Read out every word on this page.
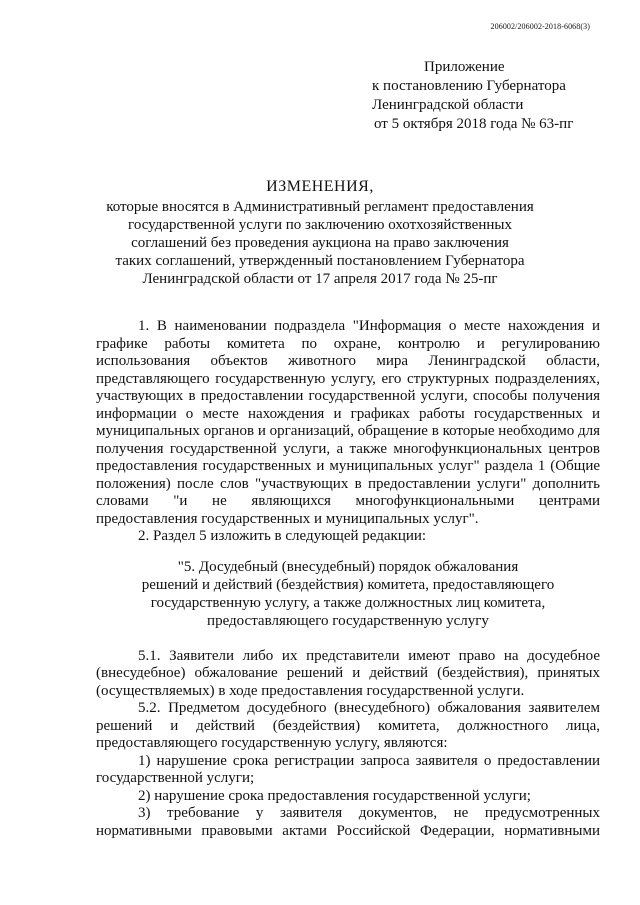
206002/206002-2018-6068(3)
Приложение
к постановлению Губернатора
Ленинградской области
от 5 октября 2018 года № 63-пг
ИЗМЕНЕНИЯ,
которые вносятся в Административный регламент предоставления
государственной услуги по заключению охотхозяйственных
соглашений без проведения аукциона на право заключения
таких соглашений, утвержденный постановлением Губернатора
Ленинградской области от 17 апреля 2017 года № 25-пг

1. В наименовании подраздела "Информация о месте нахождения и графике работы комитета по охране, контролю и регулированию использования объектов животного мира Ленинградской области, представляющего государственную услугу, его структурных подразделениях, участвующих в предоставлении государственной услуги, способы получения информации о месте нахождения и графиках работы государственных и муниципальных органов и организаций, обращение в которые необходимо для получения государственной услуги, а также многофункциональных центров предоставления государственных и муниципальных услуг" раздела 1 (Общие положения) после слов "участвующих в предоставлении услуги" дополнить словами "и не являющихся многофункциональными центрами предоставления государственных и муниципальных услуг".

2. Раздел 5 изложить в следующей редакции:

"5. Досудебный (внесудебный) порядок обжалования
решений и действий (бездействия) комитета, предоставляющего
государственную услугу, а также должностных лиц комитета,
предоставляющего государственную услугу

5.1. Заявители либо их представители имеют право на досудебное (внесудебное) обжалование решений и действий (бездействия), принятых (осуществляемых) в ходе предоставления государственной услуги.

5.2. Предметом досудебного (внесудебного) обжалования заявителем решений и действий (бездействия) комитета, должностного лица, предоставляющего государственную услугу, являются:

1) нарушение срока регистрации запроса заявителя о предоставлении государственной услуги;

2) нарушение срока предоставления государственной услуги;

3) требование у заявителя документов, не предусмотренных нормативными правовыми актами Российской Федерации, нормативными
